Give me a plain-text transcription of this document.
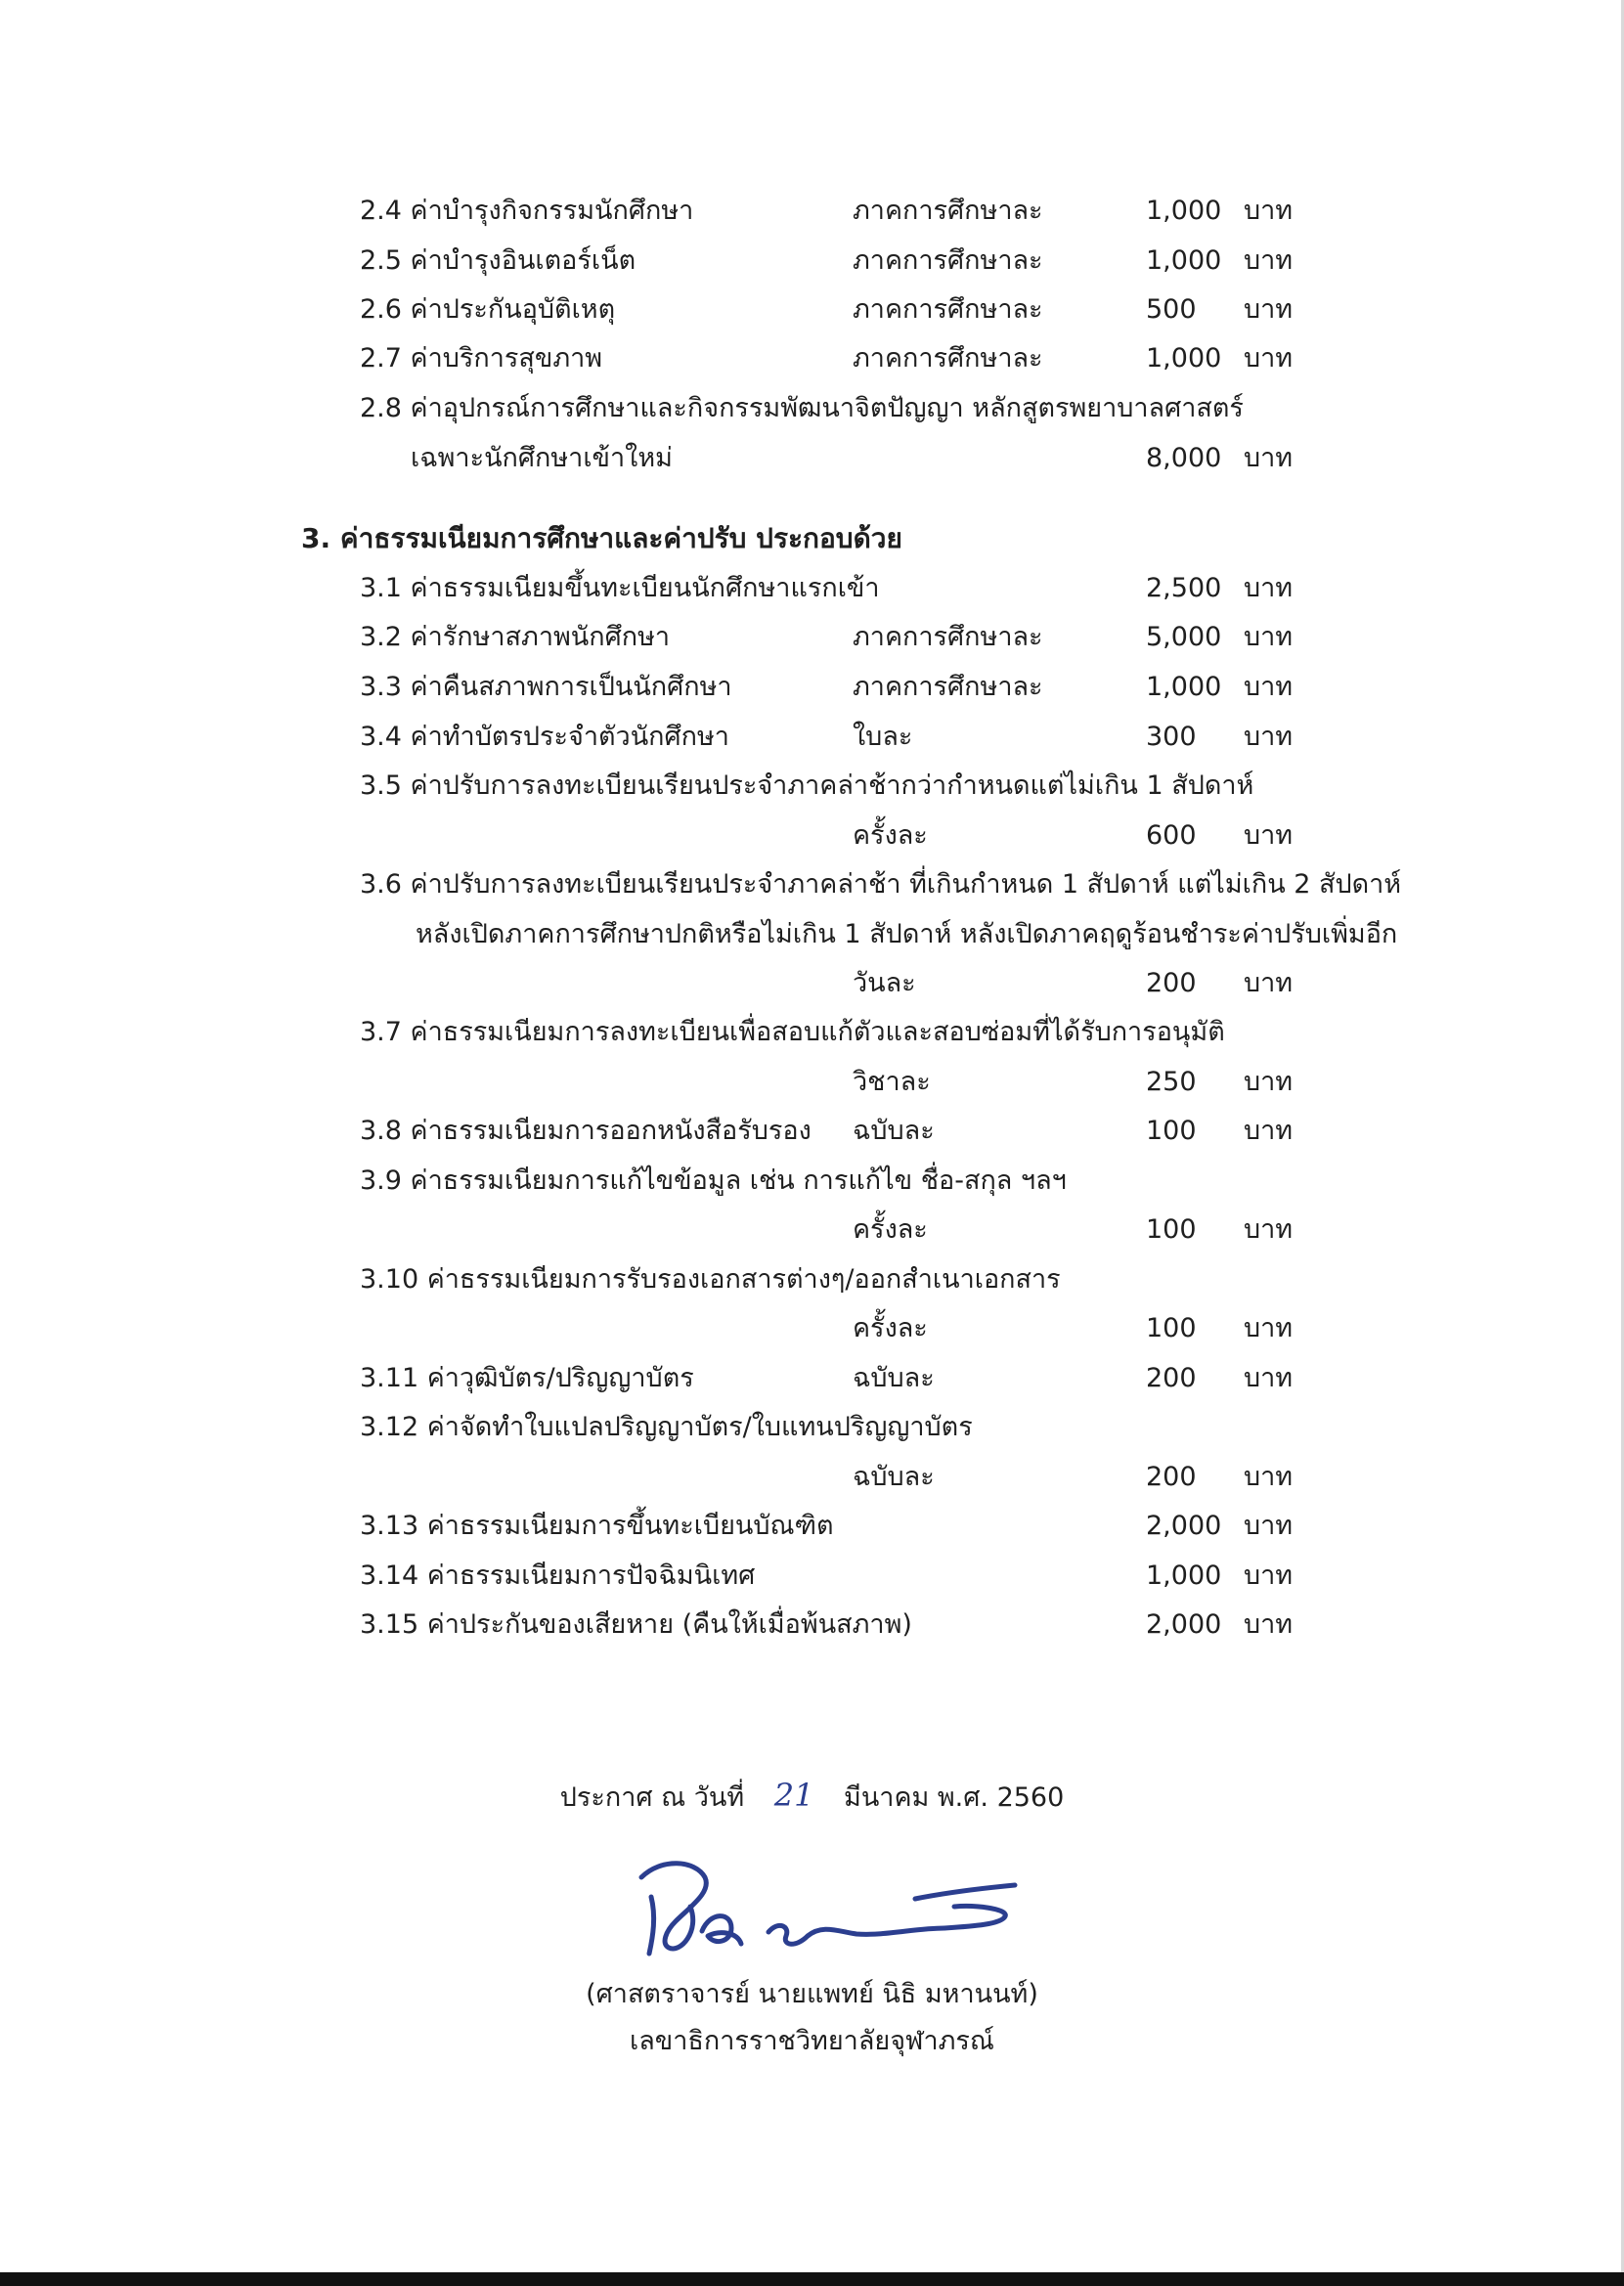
2.4 ค่าบำรุงกิจกรรมนักศึกษา	ภาคการศึกษาละ	1,000 บาท
2.5 ค่าบำรุงอินเตอร์เน็ต	ภาคการศึกษาละ	1,000 บาท
2.6 ค่าประกันอุบัติเหตุ	ภาคการศึกษาละ	500 บาท
2.7 ค่าบริการสุขภาพ	ภาคการศึกษาละ	1,000 บาท
2.8 ค่าอุปกรณ์การศึกษาและกิจกรรมพัฒนาจิตปัญญา หลักสูตรพยาบาลศาสตร์
เฉพาะนักศึกษาเข้าใหม่	8,000 บาท
3. ค่าธรรมเนียมการศึกษาและค่าปรับ ประกอบด้วย
3.1 ค่าธรรมเนียมขึ้นทะเบียนนักศึกษาแรกเข้า	2,500 บาท
3.2 ค่ารักษาสภาพนักศึกษา	ภาคการศึกษาละ	5,000 บาท
3.3 ค่าคืนสภาพการเป็นนักศึกษา	ภาคการศึกษาละ	1,000 บาท
3.4 ค่าทำบัตรประจำตัวนักศึกษา	ใบละ	300 บาท
3.5 ค่าปรับการลงทะเบียนเรียนประจำภาคล่าช้ากว่ากำหนดแต่ไม่เกิน 1 สัปดาห์
ครั้งละ	600 บาท
3.6 ค่าปรับการลงทะเบียนเรียนประจำภาคล่าช้า ที่เกินกำหนด 1 สัปดาห์ แต่ไม่เกิน 2 สัปดาห์
หลังเปิดภาคการศึกษาปกติหรือไม่เกิน 1 สัปดาห์ หลังเปิดภาคฤดูร้อนชำระค่าปรับเพิ่มอีก
วันละ	200 บาท
3.7 ค่าธรรมเนียมการลงทะเบียนเพื่อสอบแก้ตัวและสอบซ่อมที่ได้รับการอนุมัติ
วิชาละ	250 บาท
3.8 ค่าธรรมเนียมการออกหนังสือรับรอง ฉบับละ	100 บาท
3.9 ค่าธรรมเนียมการแก้ไขข้อมูล เช่น การแก้ไข ชื่อ-สกุล ฯลฯ
ครั้งละ	100 บาท
3.10 ค่าธรรมเนียมการรับรองเอกสารต่างๆ/ออกสำเนาเอกสาร
ครั้งละ	100 บาท
3.11 ค่าวุฒิบัตร/ปริญญาบัตร	ฉบับละ	200 บาท
3.12 ค่าจัดทำใบแปลปริญญาบัตร/ใบแทนปริญญาบัตร
ฉบับละ	200 บาท
3.13 ค่าธรรมเนียมการขึ้นทะเบียนบัณฑิต	2,000 บาท
3.14 ค่าธรรมเนียมการปัจฉิมนิเทศ	1,000 บาท
3.15 ค่าประกันของเสียหาย (คืนให้เมื่อพ้นสภาพ)	2,000 บาท
ประกาศ ณ วันที่ 21 มีนาคม พ.ศ. 2560
(ศาสตราจารย์ นายแพทย์ นิธิ มหานนท์)
เลขาธิการราชวิทยาลัยจุฬาภรณ์
